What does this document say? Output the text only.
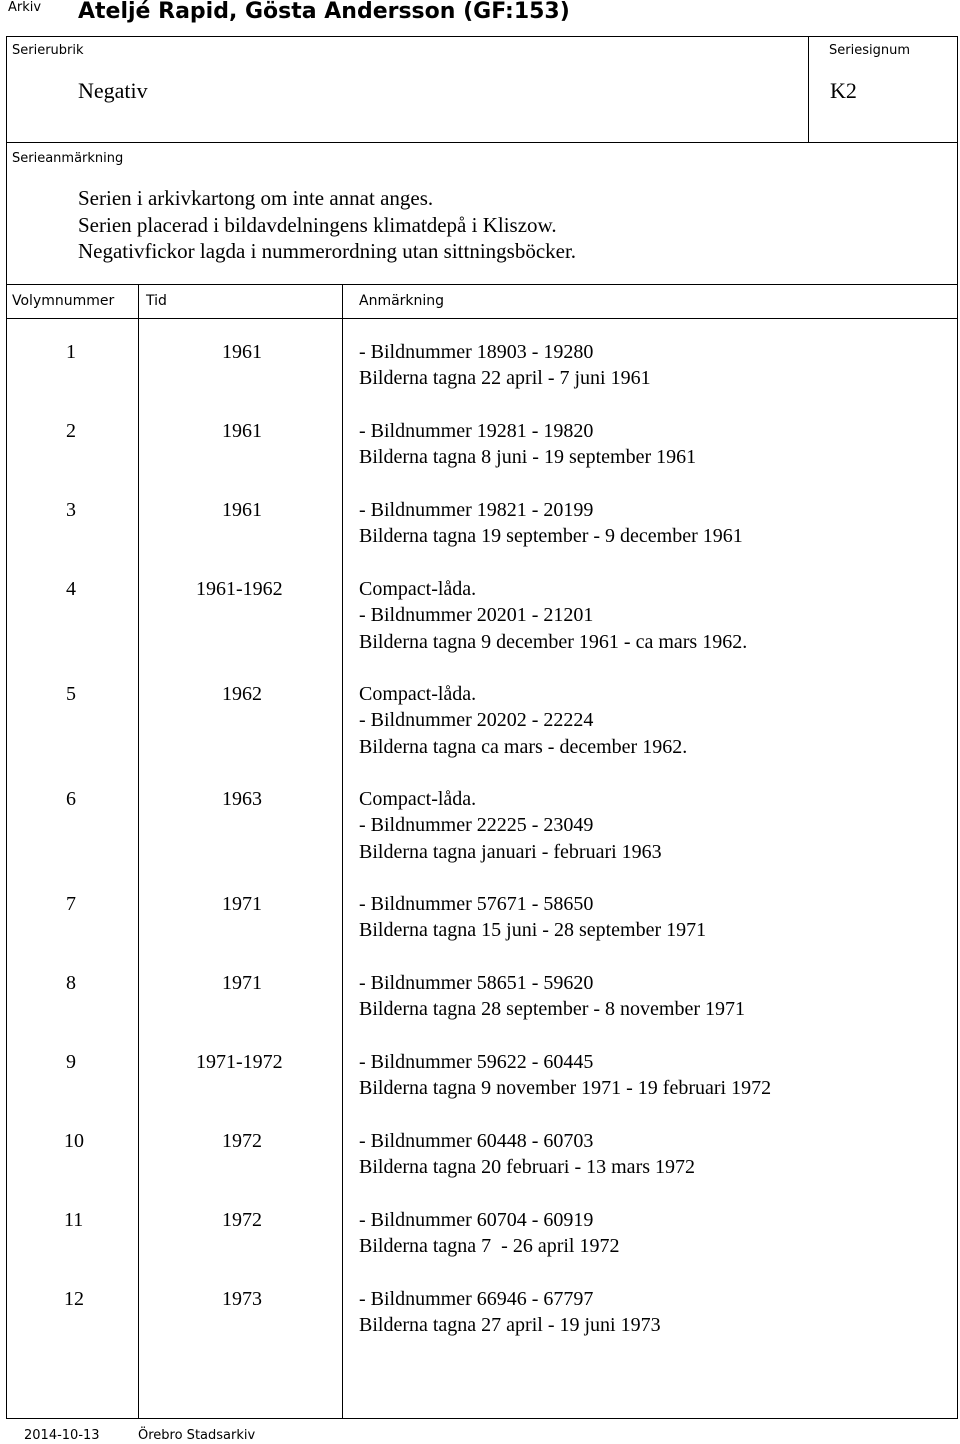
Arkiv Ateljé Rapid, Gösta Andersson (GF:153)
Serierubrik
Negativ
Seriesignum
K2
Serieanmärkning
Serien i arkivkartong om inte annat anges.
Serien placerad i bildavdelningens klimatdepå i Kliszow.
Negativfickor lagda i nummerordning utan sittningsböcker.
Volymnummer Tid	Anmärkning
1	1961	- Bildnummer 18903 - 19280
Bilderna tagna 22 april - 7 juni 1961
2	1961	- Bildnummer 19281 - 19820
Bilderna tagna 8 juni - 19 september 1961
3	1961	- Bildnummer 19821 - 20199
Bilderna tagna 19 september - 9 december 1961
4	1961-1962	Compact-låda.
- Bildnummer 20201 - 21201
Bilderna tagna 9 december 1961 - ca mars 1962.
5	1962	Compact-låda.
- Bildnummer 20202 - 22224
Bilderna tagna ca mars - december 1962.
6	1963	Compact-låda.
- Bildnummer 22225 - 23049
Bilderna tagna januari - februari 1963
7	1971	- Bildnummer 57671 - 58650
Bilderna tagna 15 juni - 28 september 1971
8	1971	- Bildnummer 58651 - 59620
Bilderna tagna 28 september - 8 november 1971
9	1971-1972	- Bildnummer 59622 - 60445
Bilderna tagna 9 november 1971 - 19 februari 1972
10	1972	- Bildnummer 60448 - 60703
Bilderna tagna 20 februari - 13 mars 1972
11	1972	- Bildnummer 60704 - 60919
Bilderna tagna 7  - 26 april 1972
12	1973	- Bildnummer 66946 - 67797
Bilderna tagna 27 april - 19 juni 1973
2014-10-13	Örebro Stadsarkiv
